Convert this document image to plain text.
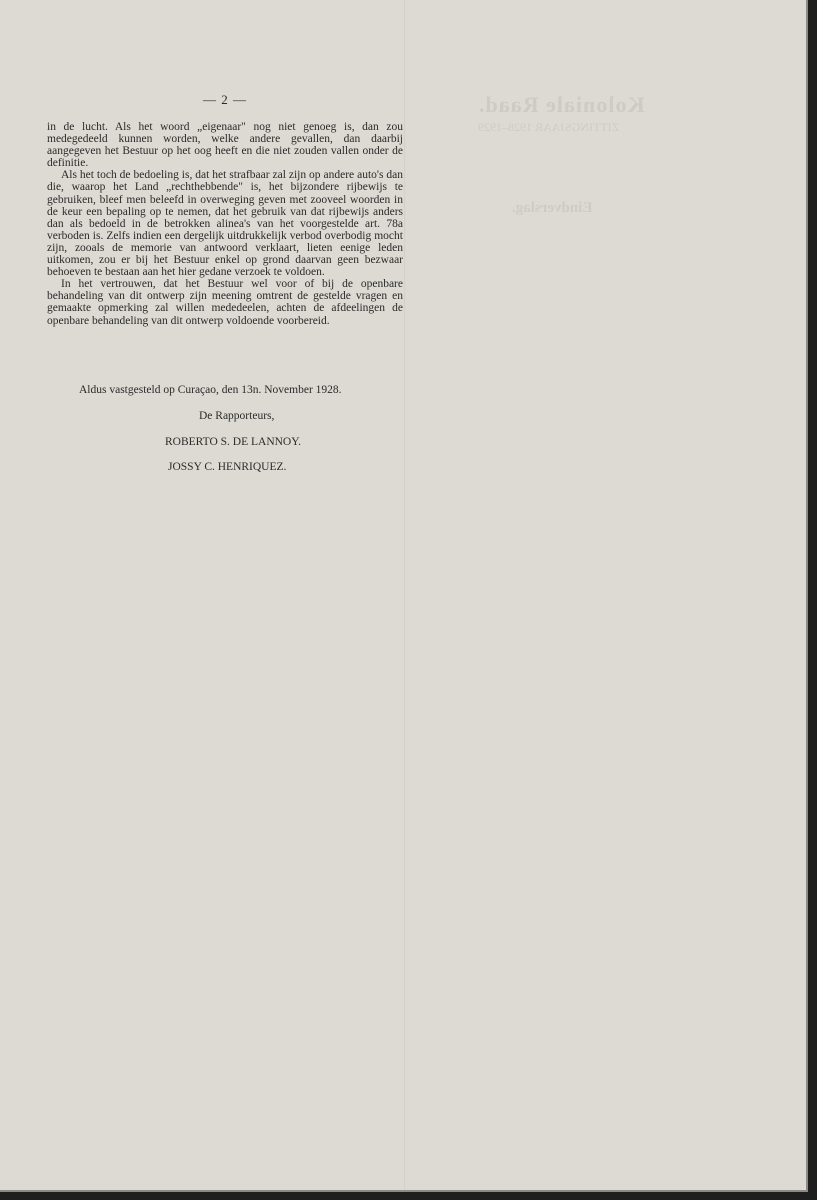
Koloniale Raad.
ZITTINGSJAAR 1928–1929
Eindverslag.
— 2 —

in de lucht. Als het woord „eigenaar" nog niet genoeg is, dan zou medegedeeld kunnen worden, welke andere gevallen, dan daarbij aangegeven het Bestuur op het oog heeft en die niet zouden vallen onder de definitie.

Als het toch de bedoeling is, dat het strafbaar zal zijn op andere auto's dan die, waarop het Land „rechthebbende" is, het bijzondere rijbewijs te gebruiken, bleef men beleefd in overweging geven met zooveel woorden in de keur een bepaling op te nemen, dat het gebruik van dat rijbewijs anders dan als bedoeld in de betrokken alinea's van het voorgestelde art. 78a verboden is. Zelfs indien een dergelijk uitdrukkelijk verbod overbodig mocht zijn, zooals de memorie van antwoord verklaart, lieten eenige leden uitkomen, zou er bij het Bestuur enkel op grond daarvan geen bezwaar behoeven te bestaan aan het hier gedane verzoek te voldoen.

In het vertrouwen, dat het Bestuur wel voor of bij de openbare behandeling van dit ontwerp zijn meening omtrent de gestelde vragen en gemaakte opmerking zal willen mededeelen, achten de afdeelingen de openbare behandeling van dit ontwerp voldoende voorbereid.

Aldus vastgesteld op Curaçao, den 13n. November 1928.
De Rapporteurs,
ROBERTO S. DE LANNOY.
JOSSY C. HENRIQUEZ.
